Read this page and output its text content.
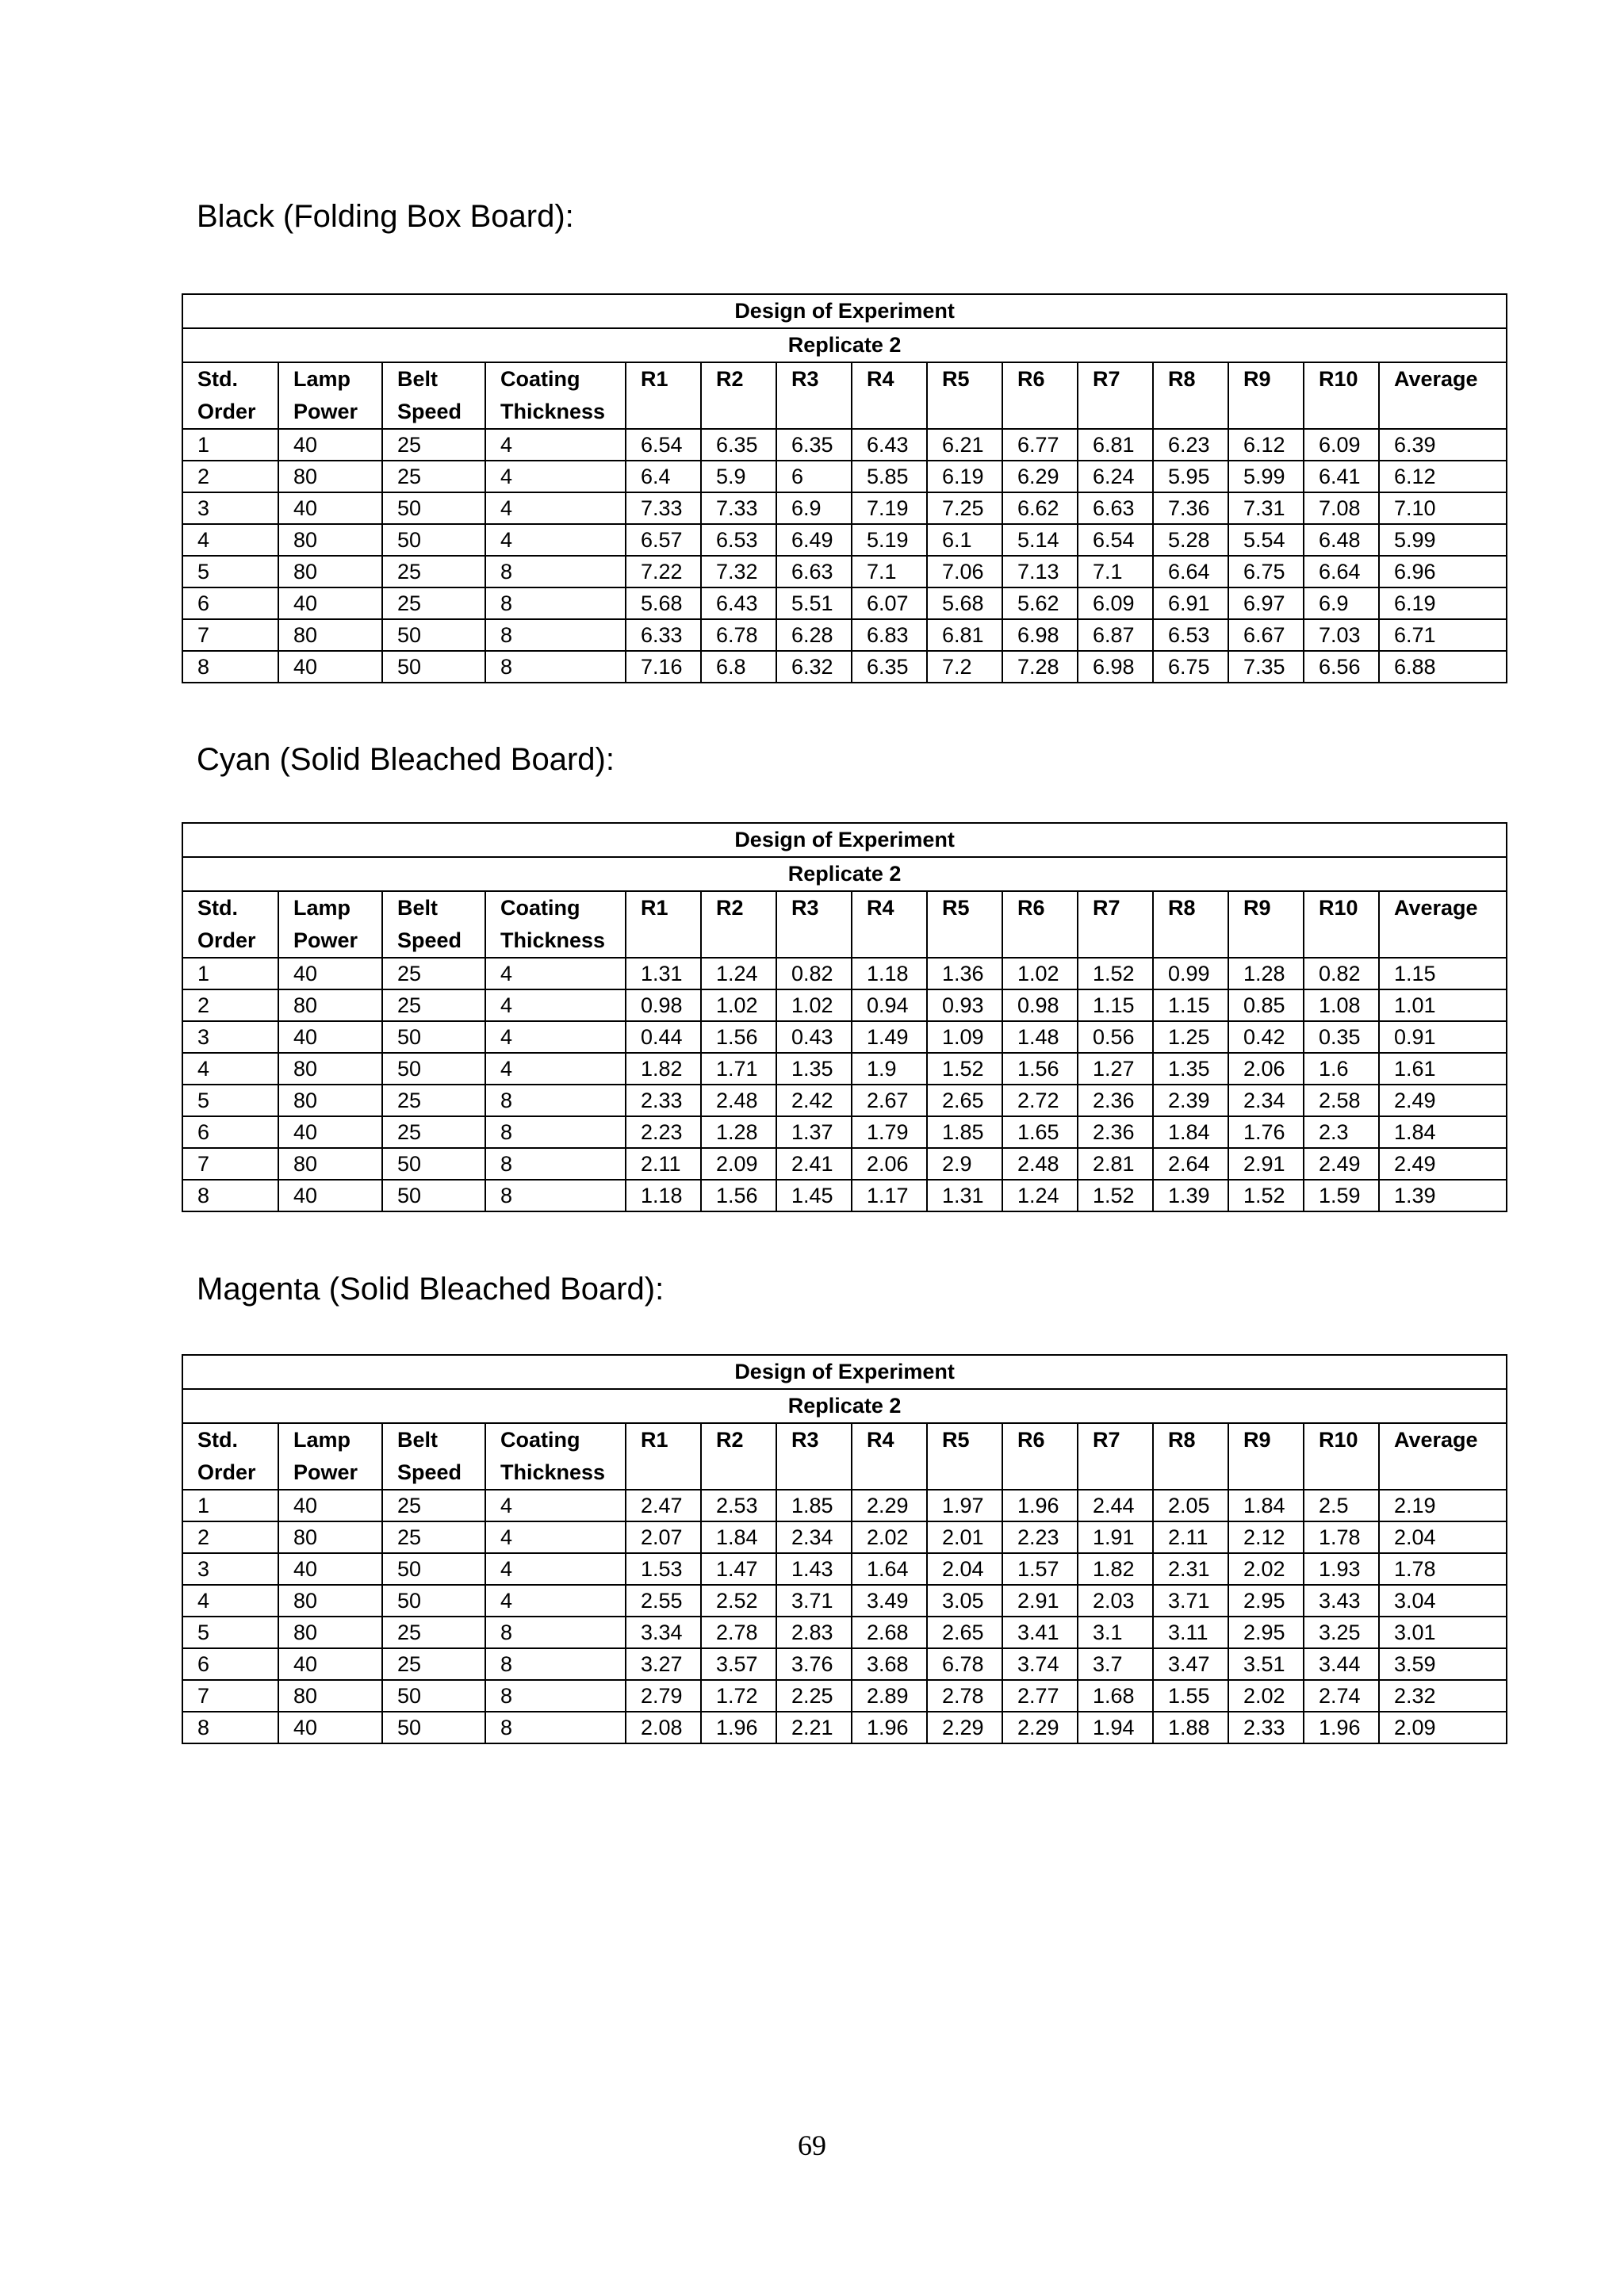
Black (Folding Box Board):
Design of Experiment														
Replicate 2														
Std. Order	Lamp Power	Belt Speed	Coating Thickness	R1	R2	R3	R4	R5	R6	R7	R8	R9	R10	Average
1	40	25	4	6.54	6.35	6.35	6.43	6.21	6.77	6.81	6.23	6.12	6.09	6.39
2	80	25	4	6.4	5.9	6	5.85	6.19	6.29	6.24	5.95	5.99	6.41	6.12
3	40	50	4	7.33	7.33	6.9	7.19	7.25	6.62	6.63	7.36	7.31	7.08	7.10
4	80	50	4	6.57	6.53	6.49	5.19	6.1	5.14	6.54	5.28	5.54	6.48	5.99
5	80	25	8	7.22	7.32	6.63	7.1	7.06	7.13	7.1	6.64	6.75	6.64	6.96
6	40	25	8	5.68	6.43	5.51	6.07	5.68	5.62	6.09	6.91	6.97	6.9	6.19
7	80	50	8	6.33	6.78	6.28	6.83	6.81	6.98	6.87	6.53	6.67	7.03	6.71
8	40	50	8	7.16	6.8	6.32	6.35	7.2	7.28	6.98	6.75	7.35	6.56	6.88
Cyan (Solid Bleached Board):
Design of Experiment														
Replicate 2														
Std. Order	Lamp Power	Belt Speed	Coating Thickness	R1	R2	R3	R4	R5	R6	R7	R8	R9	R10	Average
1	40	25	4	1.31	1.24	0.82	1.18	1.36	1.02	1.52	0.99	1.28	0.82	1.15
2	80	25	4	0.98	1.02	1.02	0.94	0.93	0.98	1.15	1.15	0.85	1.08	1.01
3	40	50	4	0.44	1.56	0.43	1.49	1.09	1.48	0.56	1.25	0.42	0.35	0.91
4	80	50	4	1.82	1.71	1.35	1.9	1.52	1.56	1.27	1.35	2.06	1.6	1.61
5	80	25	8	2.33	2.48	2.42	2.67	2.65	2.72	2.36	2.39	2.34	2.58	2.49
6	40	25	8	2.23	1.28	1.37	1.79	1.85	1.65	2.36	1.84	1.76	2.3	1.84
7	80	50	8	2.11	2.09	2.41	2.06	2.9	2.48	2.81	2.64	2.91	2.49	2.49
8	40	50	8	1.18	1.56	1.45	1.17	1.31	1.24	1.52	1.39	1.52	1.59	1.39
Magenta (Solid Bleached Board):
Design of Experiment														
Replicate 2														
Std. Order	Lamp Power	Belt Speed	Coating Thickness	R1	R2	R3	R4	R5	R6	R7	R8	R9	R10	Average
1	40	25	4	2.47	2.53	1.85	2.29	1.97	1.96	2.44	2.05	1.84	2.5	2.19
2	80	25	4	2.07	1.84	2.34	2.02	2.01	2.23	1.91	2.11	2.12	1.78	2.04
3	40	50	4	1.53	1.47	1.43	1.64	2.04	1.57	1.82	2.31	2.02	1.93	1.78
4	80	50	4	2.55	2.52	3.71	3.49	3.05	2.91	2.03	3.71	2.95	3.43	3.04
5	80	25	8	3.34	2.78	2.83	2.68	2.65	3.41	3.1	3.11	2.95	3.25	3.01
6	40	25	8	3.27	3.57	3.76	3.68	6.78	3.74	3.7	3.47	3.51	3.44	3.59
7	80	50	8	2.79	1.72	2.25	2.89	2.78	2.77	1.68	1.55	2.02	2.74	2.32
8	40	50	8	2.08	1.96	2.21	1.96	2.29	2.29	1.94	1.88	2.33	1.96	2.09
69
